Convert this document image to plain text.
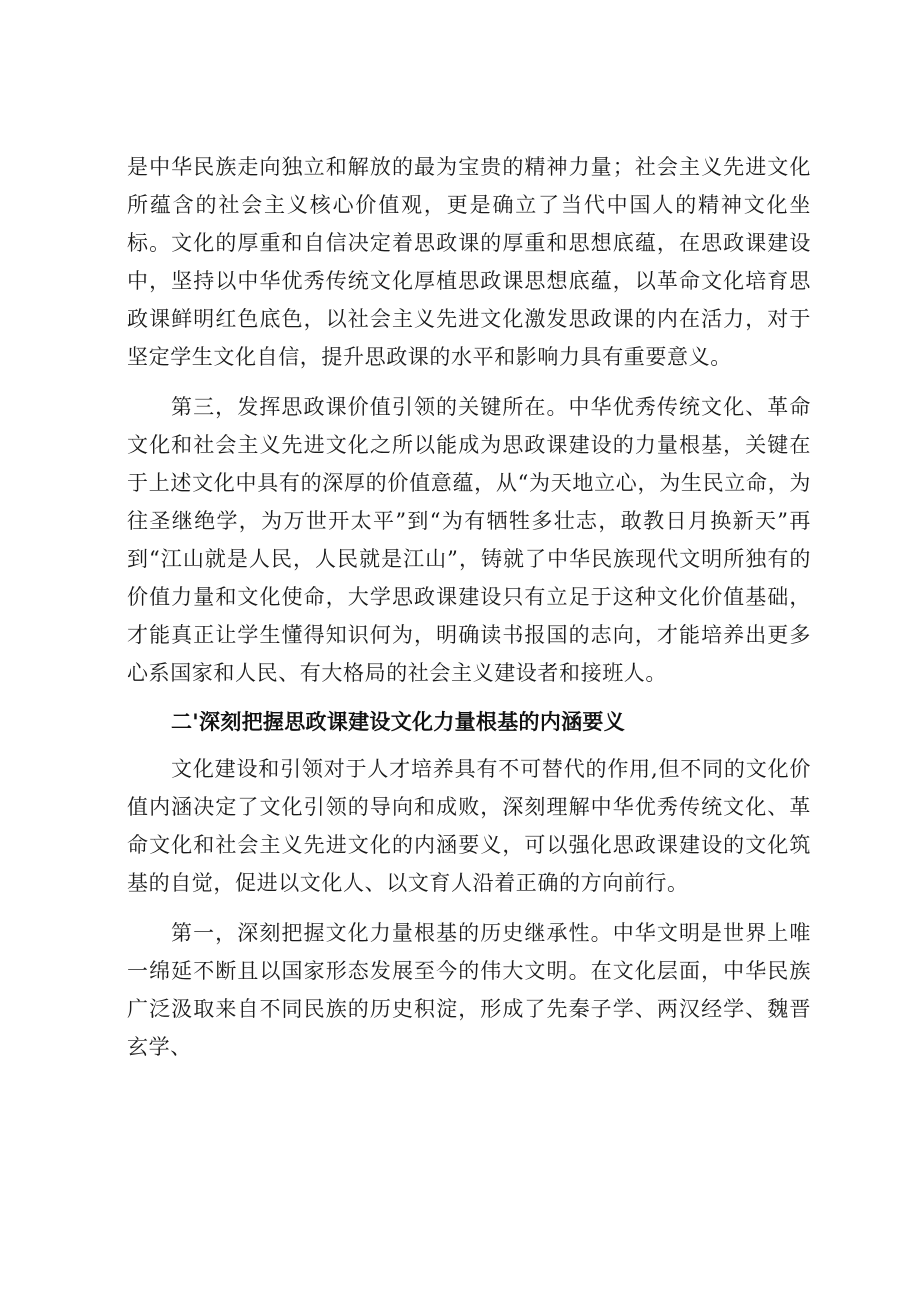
是中华民族走向独立和解放的最为宝贵的精神力量；社会主义先进文化所蕴含的社会主义核心价值观，更是确立了当代中国人的精神文化坐标。文化的厚重和自信决定着思政课的厚重和思想底蕴，在思政课建设中，坚持以中华优秀传统文化厚植思政课思想底蕴，以革命文化培育思政课鲜明红色底色，以社会主义先进文化激发思政课的内在活力，对于坚定学生文化自信，提升思政课的水平和影响力具有重要意义。

第三，发挥思政课价值引领的关键所在。中华优秀传统文化、革命文化和社会主义先进文化之所以能成为思政课建设的力量根基，关键在于上述文化中具有的深厚的价值意蕴，从“为天地立心，为生民立命，为往圣继绝学，为万世开太平”到“为有牺牲多壮志，敢教日月换新天”再到“江山就是人民，人民就是江山”，铸就了中华民族现代文明所独有的价值力量和文化使命，大学思政课建设只有立足于这种文化价值基础，才能真正让学生懂得知识何为，明确读书报国的志向，才能培养出更多心系国家和人民、有大格局的社会主义建设者和接班人。

二'深刻把握思政课建设文化力量根基的内涵要义

文化建设和引领对于人才培养具有不可替代的作用,但不同的文化价值内涵决定了文化引领的导向和成败，深刻理解中华优秀传统文化、革命文化和社会主义先进文化的内涵要义，可以强化思政课建设的文化筑基的自觉，促进以文化人、以文育人沿着正确的方向前行。

第一，深刻把握文化力量根基的历史继承性。中华文明是世界上唯一绵延不断且以国家形态发展至今的伟大文明。在文化层面，中华民族广泛汲取来自不同民族的历史积淀，形成了先秦子学、两汉经学、魏晋玄学、
